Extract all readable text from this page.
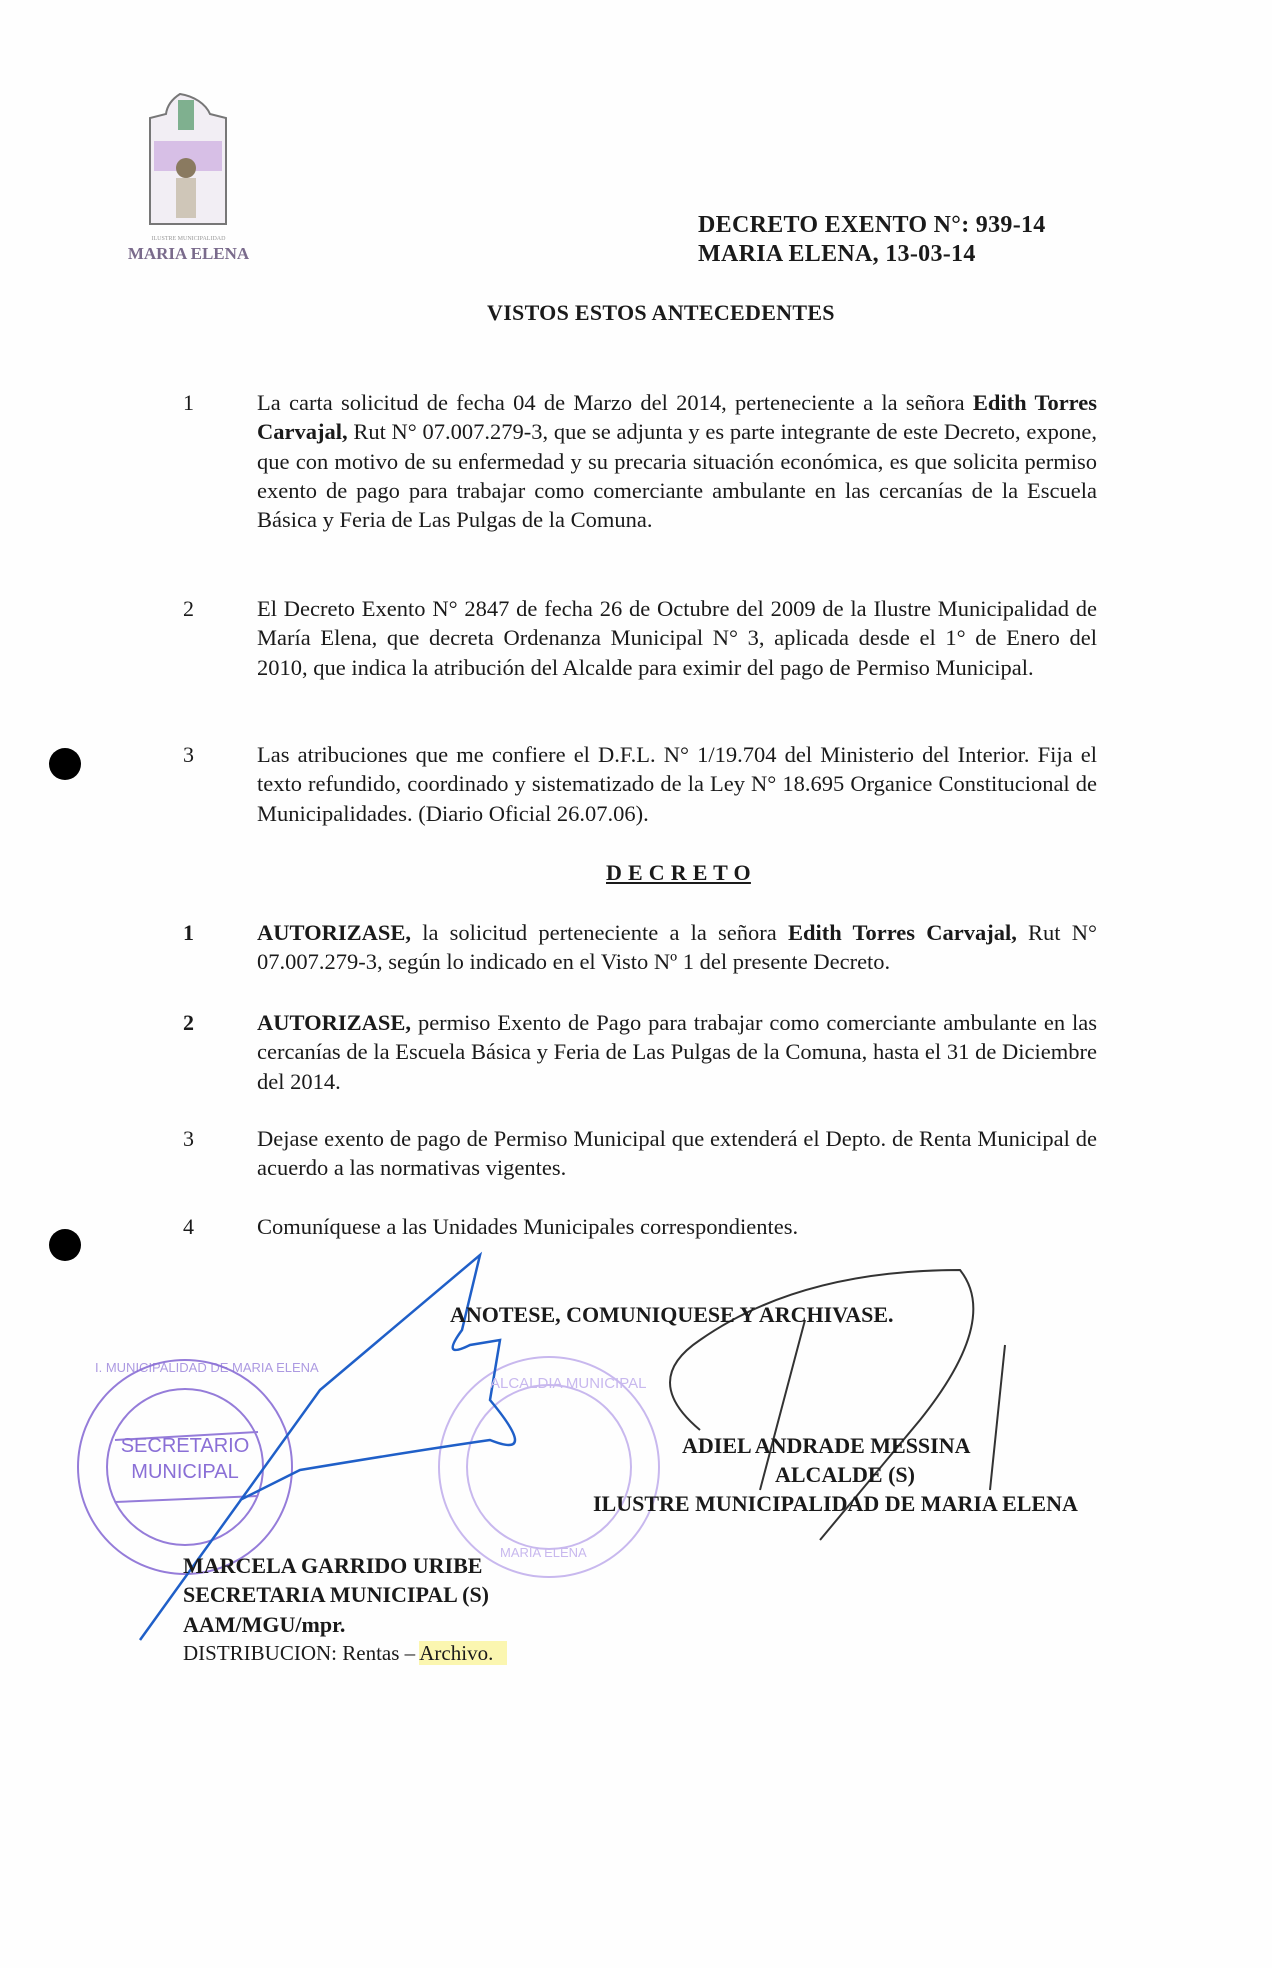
ILUSTRE MUNICIPALIDAD
MARIA ELENA
DECRETO EXENTO N°: 939-14
MARIA ELENA, 13-03-14
VISTOS ESTOS ANTECEDENTES
1	La carta solicitud de fecha 04 de Marzo del 2014, perteneciente a la señora Edith Torres Carvajal, Rut N° 07.007.279-3, que se adjunta y es parte integrante de este Decreto, expone, que con motivo de su enfermedad y su precaria situación económica, es que solicita permiso exento de pago para trabajar como comerciante ambulante en las cercanías de la Escuela Básica y Feria de Las Pulgas de la Comuna.
2	El Decreto Exento N° 2847 de fecha 26 de Octubre del 2009 de la Ilustre Municipalidad de María Elena, que decreta Ordenanza Municipal N° 3, aplicada desde el 1° de Enero del 2010, que indica la atribución del Alcalde para eximir del pago de Permiso Municipal.
3	Las atribuciones que me confiere el D.F.L. N° 1/19.704 del Ministerio del Interior. Fija el texto refundido, coordinado y sistematizado de la Ley N° 18.695 Organice Constitucional de Municipalidades. (Diario Oficial 26.07.06).
D E C R E T O
1	AUTORIZASE, la solicitud perteneciente a la señora Edith Torres Carvajal, Rut N° 07.007.279-3, según lo indicado en el Visto Nº 1 del presente Decreto.
2	AUTORIZASE, permiso Exento de Pago para trabajar como comerciante ambulante en las cercanías de la Escuela Básica y Feria de Las Pulgas de la Comuna, hasta el 31 de Diciembre del 2014.
3	Dejase exento de pago de Permiso Municipal que extenderá el Depto. de Renta Municipal de acuerdo a las normativas vigentes.
4	Comuníquese a las Unidades Municipales correspondientes.
SECRETARIO
MUNICIPAL
I. MUNICIPALIDAD DE MARIA ELENA
ALCALDIA MUNICIPAL
MARIA ELENA
ANOTESE, COMUNIQUESE Y ARCHIVASE.
ADIEL ANDRADE MESSINA
ALCALDE (S)
ILUSTRE MUNICIPALIDAD DE MARIA ELENA
MARCELA GARRIDO URIBE
SECRETARIA MUNICIPAL (S)
AAM/MGU/mpr.
DISTRIBUCION: Rentas – Archivo.
